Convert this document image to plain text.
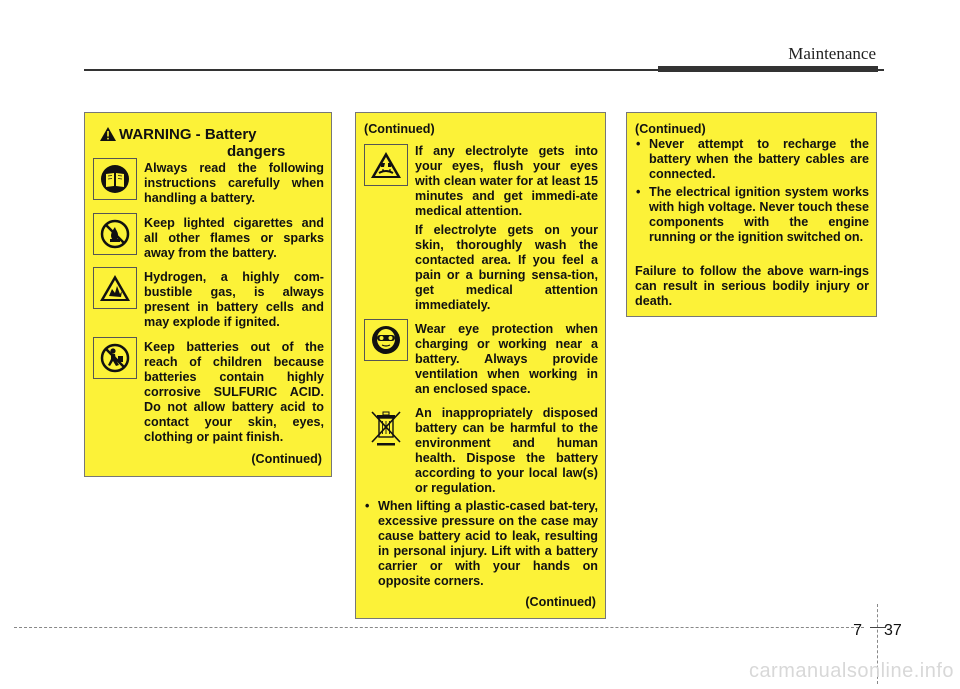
Maintenance
WARNING - Battery
dangers
Always read the following instructions carefully when handling a battery.
Keep lighted cigarettes and all other flames or sparks away from the battery.
Hydrogen, a highly com-bustible gas, is always present in battery cells and may explode if ignited.
Keep batteries out of the reach of children because batteries contain highly corrosive SULFURIC ACID. Do not allow battery acid to contact your skin, eyes, clothing or paint finish.
(Continued)
(Continued)
If any electrolyte gets into your eyes, flush your eyes with clean water for at least 15 minutes and get immedi-ate medical attention.
If electrolyte gets on your skin, thoroughly wash the contacted area. If you feel a pain or a burning sensa-tion, get medical attention immediately.
Wear eye protection when charging or working near a battery. Always provide ventilation when working in an enclosed space.
An inappropriately disposed battery can be harmful to the environment and human health. Dispose the battery according to your local law(s) or regulation.
• When lifting a plastic-cased bat-tery, excessive pressure on the case may cause battery acid to leak, resulting in personal injury. Lift with a battery carrier or with your hands on opposite corners.
(Continued)
(Continued)
• Never attempt to recharge the battery when the battery cables are connected.
• The electrical ignition system works with high voltage. Never touch these components with the engine running or the ignition switched on.
Failure to follow the above warn-ings can result in serious bodily injury or death.
7 37
carmanualsonline.info
